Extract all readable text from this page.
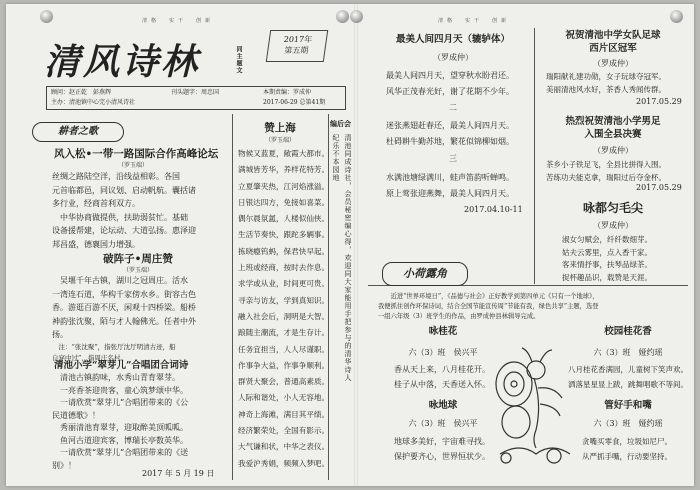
清格　实干　创新	清格　实干　创新
清风诗林	同主题文
2017年
第五期
顾问：赵正乾　彭燕辉	刊头题字：周忠国	本期责编：罗成仲
主办：清池镇中心完小清风诗社	2017-06-29 总第41期
耕者之歌
风入松•一带一路国际合作高峰论坛
（罗玉端）
丝绸之路陆空洋，沿线益相彰。各国
元首临都邑，同议划、启动帆航。囊括诸
多行业，经商首利双方。
　中华协商做提供，扶助弱贫忙。基础
设备援帮建，论坛动、大道弘扬。惠泽迎
邦昌盛，德襄国力增强。
破阵子•周庄赞
（罗玉端）
　吴堰千年古镇，湖川之冠周庄。活水
一湾连石道，华构千家傍水乡。街容古色
香。游逛百游不厌，闲观十四桥梁。船桥
神韵张沈聚，陌与才人翰佛光。任者中外
扬。
　注：“张沈聚”，指张厅沈厅明清古迹，船
自穿中过”，指周庄名村。
清池小学“翠芽儿”合唱团合词诗
　清池古镇韵味，水秀山青育翠芽。
　一亮香茶迎贵客，童心筑梦颂中华。
　一请欣赏“翠芽儿”合唱团带来的《公
民道德歌》！
　秀丽清池育翠芽，迎取醉美顶呱呱。
　鱼河古道迎宾客，博瑞长亭数英华。
　一请欣赏“翠芽儿”合唱团带来的《送
别》！
2017 年 5 月 19 日
赞上海
（罗玉端）
物候又蓝夏，敞霞大都市。
满城皆芳华，养样花特芳。
立夏肇夹热，江河焰涨溢。
日银达四方，免接如喜菜。
偶尔晨氛氲，人楼似仙侠。
生活节奏快，跟跎多辆事。
拣晓瘾钨蚂，保君快早起。
上班或经商，按时去作息。
求学或从业，时间更可贵。
寻亲与访友，学到真知识。
融入社会后，洞明是大智。
踉随主潮流，才是生存计。
任务宜担当，人人尽谨职。
作事争大益，作事争顺利。
群贤大聚会，普通高素质。
人际和谐处，小人无容地。
神奇上海滩，满目其平绩。
经济繁荣处，全国有影示。
大气谦和状，中华之表仪。
我爱沪秀娟，频频入梦吧。
编后会
清池同成诗社，会员秘密编心得，欢迎同大家能用手把参与的清华诗人纪乐不本园地
最美人间四月天（辘轳体）
（罗成仲）
最美人间四月天，望穿秋水盼君还。
风华正茂春光好，谢了花期不少年。
二
迷张燕翅赶春还，最美人间四月天。
杜碍耕牛勤苏地，繁花似锦柳如烟。
三
水满池塘绿满川，蛙声笛韵听蝉鸣。
原上莺张迎燕舞，最美人间四月天。
2017.04.10-11
祝贺清池中学女队足球
西片区冠军
（罗成仲）
瑞阳献礼建功勋，女子玩球夺冠军。
美丽清池风水好，茶香人秀闻传群。
2017.05.29
热烈祝贺清池小学男足
入围全县决赛
（罗成仲）
茶乡小子铁足飞，全县比拼得入围。
苦练功夫能克拿，瑞阳过后夺金杯。
2017.05.29
咏都匀毛尖
（罗成仲）
淑女匀赋会，纤纤数细芽。
姑夫云雾里，点入香干家。
客来情抒事，扶琴品绿茶。
捉杯趣品识，载赞是天涯。
小荷露角
　　近进“世界环境日”，《品德与社会》正好教学到第四单元《只有一个地球》，
我便抓住创作环保诗词，结合全国节能宣传周“节能有我，绿色共享”主题，选登
一组六年级（3）班学生的作品，由罗成仲县林辑导完成。
咏桂花
六（3）班　侯兴平
香从天上来，八月桂花开。
桂子从中落，天香送入怀。
咏地球
六（3）班　侯兴平
地球多美好，宇宙难寻找。
保护要齐心，世界恒状少。
校园桂花香
六（3）班　娅约瑶
八月桂花香满园，儿童树下笑声欢。
洒落星星显上跋，跳舞唱歌不等间。
管好手和嘴
六（3）班　娅约瑶
贪嘴买零食，垃圾如尼尸。
从严抓手嘴，行动要坚持。
